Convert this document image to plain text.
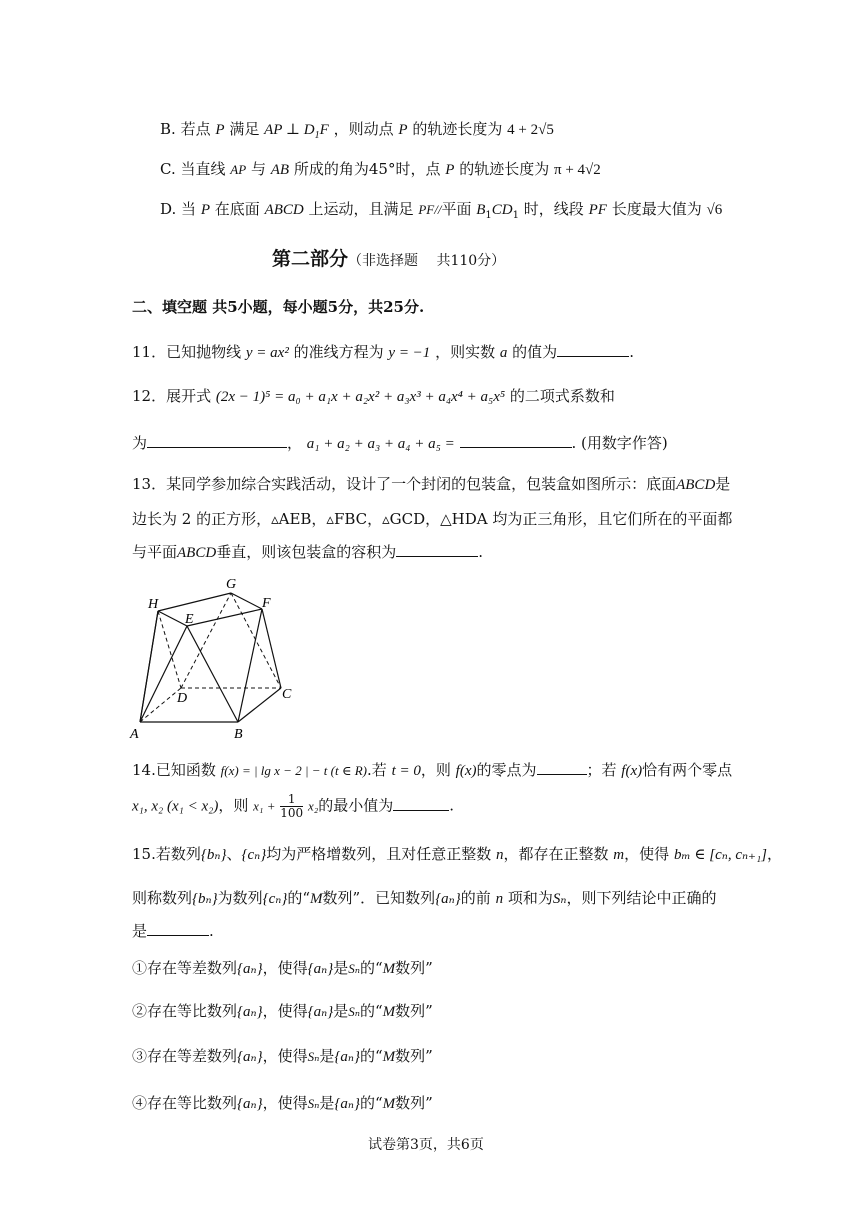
B. 若点 P 满足 AP ⊥ $D_1F$ ，则动点 P 的轨迹长度为 4 + 2√5
C. 当直线 AP 与 AB 所成的角为45°时，点 P 的轨迹长度为 π + 4√2
D. 当 P 在底面 ABCD 上运动，且满足 PF//平面 $B_1CD_1$ 时，线段 PF 长度最大值为 √6
第二部分（非选择题　 共110分）
二、填空题 共5小题，每小题5分，共25分.
11．已知抛物线 y = ax² 的准线方程为 y = −1 ，则实数 a 的值为	.
12．展开式 (2x − 1)⁵ = a₀ + a₁x + a₂x² + a₃x³ + a₄x⁴ + a₅x⁵ 的二项式系数和
为	， a₁ + a₂ + a₃ + a₄ + a₅ =	. (用数字作答)
13．某同学参加综合实践活动，设计了一个封闭的包装盒，包装盒如图所示：底面ABCD是
边长为 2 的正方形，▵AEB，▵FBC，▵GCD，△HDA 均为正三角形，且它们所在的平面都
与平面ABCD垂直，则该包装盒的容积为	.
A	B
C
D
E
F
G
H
14.已知函数 f(x) = | lg x − 2 | − t (t ∈ R).若 t = 0，则 f(x)的零点为	；若 f(x)恰有两个零点
x₁, x₂ (x₁ < x₂)，则 $x_1 + \frac{1}{100} x_2$的最小值为	.
15.若数列{bₙ}、{cₙ}均为严格增数列，且对任意正整数 n，都存在正整数 m，使得 bₘ ∈ [cₙ, cₙ₊₁]，
则称数列{bₙ}为数列{cₙ}的“M数列”．已知数列{aₙ}的前 n 项和为Sₙ，则下列结论中正确的
是	.
①存在等差数列{aₙ}，使得{aₙ}是Sₙ的“M数列”
②存在等比数列{aₙ}，使得{aₙ}是Sₙ的“M数列”
③存在等差数列{aₙ}，使得Sₙ是{aₙ}的“M数列”
④存在等比数列{aₙ}，使得Sₙ是{aₙ}的“M数列”
试卷第3页，共6页
